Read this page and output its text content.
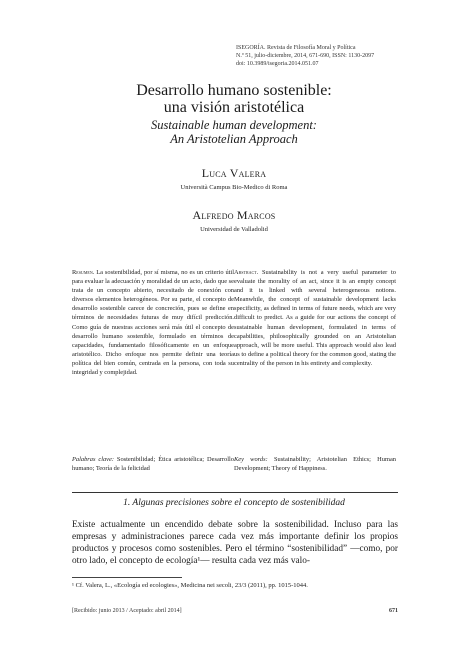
ISEGORÍA. Revista de Filosofía Moral y Política
N.º 51, julio-diciembre, 2014, 671-690, ISSN: 1130-2097
doi: 10.3989/isegoria.2014.051.07

Desarrollo humano sostenible:

una visión aristotélica

Sustainable human development:

An Aristotelian Approach

Luca Valera
Università Campus Bio-Medico di Roma
Alfredo Marcos
Universidad de Valladolid
Resumen. La sostenibilidad, por sí misma, no es un criterio útil para evaluar la adecuación y moralidad de un acto, dado que se trata de un concepto abierto, necesitado de conexión con diversos elementos heterogéneos. Por su parte, el concepto de desarrollo sostenible carece de concreción, pues se define en términos de necesidades futuras de muy difícil predicción. Como guía de nuestras acciones será más útil el concepto de desarrollo humano sostenible, formulado en términos de capacidades, fundamentado filosóficamente en un enfoque aristotélico. Dicho enfoque nos permite definir una teoría política del bien común, centrada en la persona, con toda su integridad y complejidad.
Abstract. Sustainability is not a very useful parameter to evaluate the morality of an act, since it is an empty concept and it is linked with several heterogeneous notions. Meanwhile, the concept of sustainable development lacks specificity, as defined in terms of future needs, which are very difficult to predict. As a guide for our actions the concept of sustainable human development, formulated in terms of capabilities, philosophically grounded on an Aristotelian approach, will be more useful. This approach would also lead us to define a political theory for the common good, stating the centrality of the person in his entirety and complexity.
Palabras clave: Sostenibilidad; Ética aristotélica; Desarrollo humano; Teoría de la felicidad
Key words: Sustainability; Aristotelian Ethics; Human Development; Theory of Happiness.
1. Algunas precisiones sobre el concepto de sostenibilidad
Existe actualmente un encendido debate sobre la sostenibilidad. Incluso para las empresas y administraciones parece cada vez más importante definir los propios productos y procesos como sostenibles. Pero el término “sostenibilidad” —como, por otro lado, el concepto de ecología¹— resulta cada vez más valo-
¹ Cf. Valera, L., «Ecología ed ecologies», Medicina nei secoli, 23/3 (2011), pp. 1015-1044.
[Recibido: junio 2013 / Aceptado: abril 2014]	671
